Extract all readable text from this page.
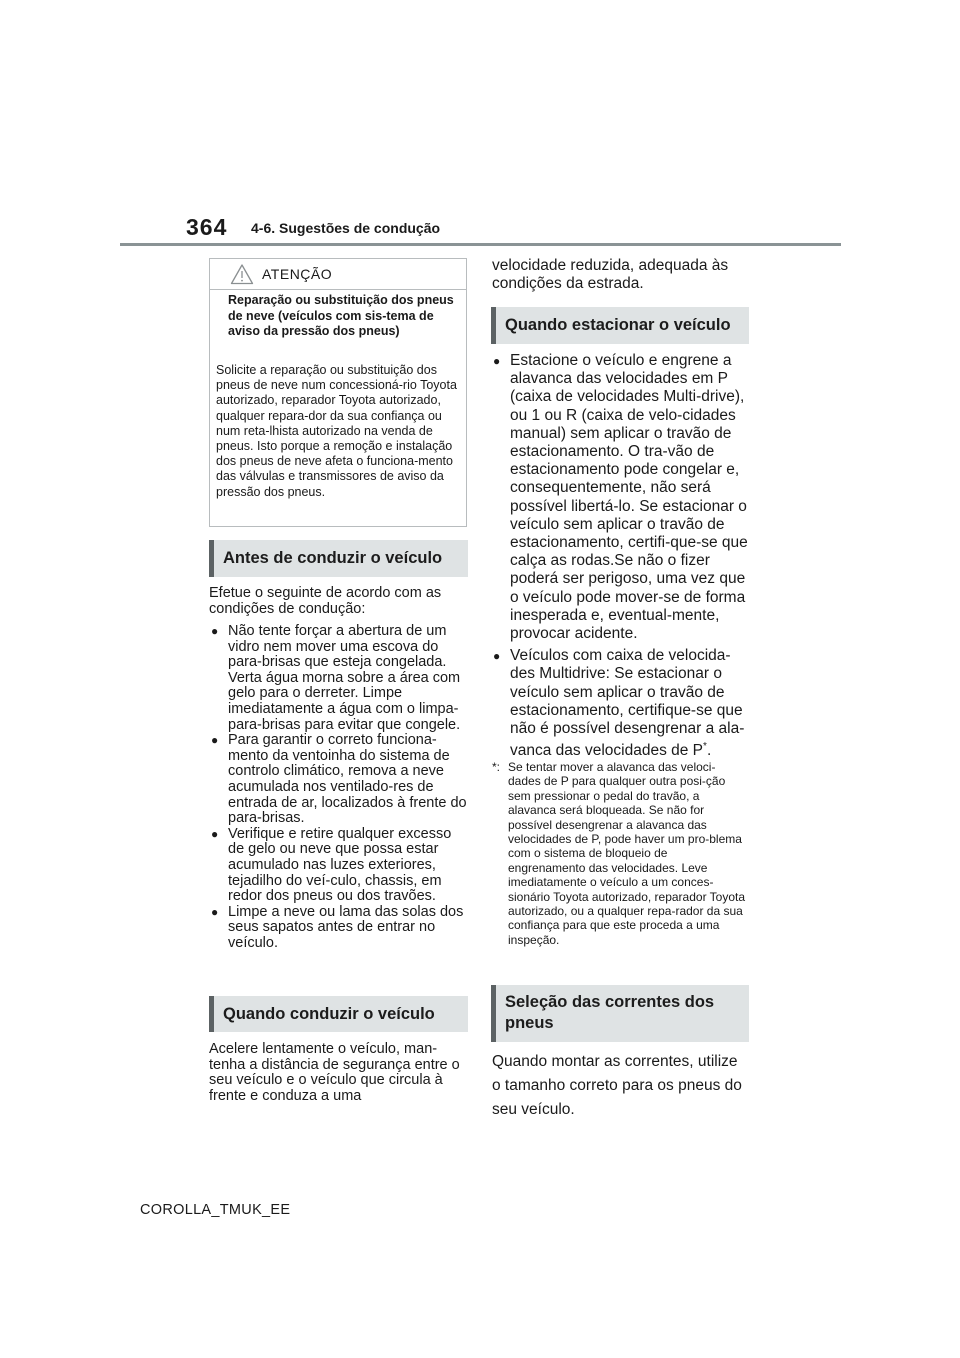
364 4-6. Sugestões de condução
ATENÇÃO
Reparação ou substituição dos pneus de neve (veículos com sis-tema de aviso da pressão dos pneus)
Solicite a reparação ou substituição dos pneus de neve num concessioná-rio Toyota autorizado, reparador Toyota autorizado, qualquer repara-dor da sua confiança ou num reta-lhista autorizado na venda de pneus. Isto porque a remoção e instalação dos pneus de neve afeta o funciona-mento das válvulas e transmissores de aviso da pressão dos pneus.
Antes de conduzir o veículo
Efetue o seguinte de acordo com as condições de condução:
● Não tente forçar a abertura de um vidro nem mover uma escova do para-brisas que esteja congelada. Verta água morna sobre a área com gelo para o derreter. Limpe imediatamente a água com o limpa-para-brisas para evitar que congele.
● Para garantir o correto funciona-mento da ventoinha do sistema de controlo climático, remova a neve acumulada nos ventilado-res de entrada de ar, localizados à frente do para-brisas.
● Verifique e retire qualquer excesso de gelo ou neve que possa estar acumulado nas luzes exteriores, tejadilho do veí-culo, chassis, em redor dos pneus ou dos travões.
● Limpe a neve ou lama das solas dos seus sapatos antes de entrar no veículo.
Quando conduzir o veículo
Acelere lentamente o veículo, man-tenha a distância de segurança entre o seu veículo e o veículo que circula à frente e conduza a uma
velocidade reduzida, adequada às condições da estrada.
Quando estacionar o veículo
● Estacione o veículo e engrene a alavanca das velocidades em P (caixa de velocidades Multi-drive), ou 1 ou R (caixa de velo-cidades manual) sem aplicar o travão de estacionamento. O tra-vão de estacionamento pode congelar e, consequentemente, não será possível libertá-lo. Se estacionar o veículo sem aplicar o travão de estacionamento, certifi-que-se que calça as rodas.Se não o fizer poderá ser perigoso, uma vez que o veículo pode mover-se de forma inesperada e, eventual-mente, provocar acidente.
● Veículos com caixa de velocida-des Multidrive: Se estacionar o veículo sem aplicar o travão de estacionamento, certifique-se que não é possível desengrenar a ala-vanca das velocidades de P*.
*: Se tentar mover a alavanca das veloci-dades de P para qualquer outra posi-ção sem pressionar o pedal do travão, a alavanca será bloqueada. Se não for possível desengrenar a alavanca das velocidades de P, pode haver um pro-blema com o sistema de bloqueio de engrenamento das velocidades. Leve imediatamente o veículo a um conces-sionário Toyota autorizado, reparador Toyota autorizado, ou a qualquer repa-rador da sua confiança para que este proceda a uma inspeção.
Seleção das correntes dos
pneus
Quando montar as correntes, utilize o tamanho correto para os pneus do seu veículo.
COROLLA_TMUK_EE
